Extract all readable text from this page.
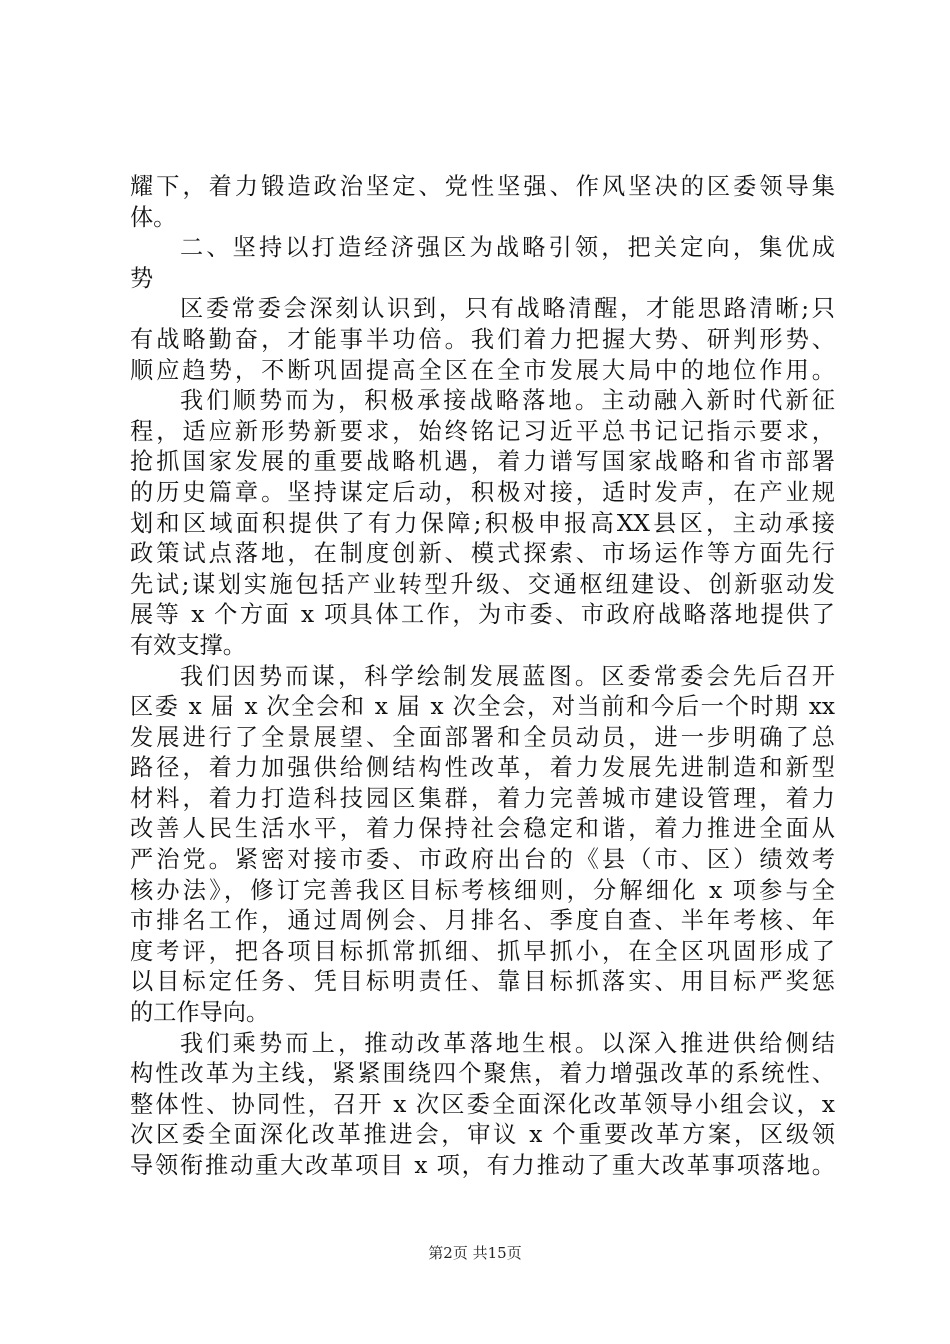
耀下，着力锻造政治坚定、党性坚强、作风坚决的区委领导集
体。
二、坚持以打造经济强区为战略引领，把关定向，集优成
势
区委常委会深刻认识到，只有战略清醒，才能思路清晰;只
有战略勤奋，才能事半功倍。我们着力把握大势、研判形势、
顺应趋势，不断巩固提高全区在全市发展大局中的地位作用。
我们顺势而为，积极承接战略落地。主动融入新时代新征
程，适应新形势新要求，始终铭记习近平总书记记指示要求，
抢抓国家发展的重要战略机遇，着力谱写国家战略和省市部署
的历史篇章。坚持谋定后动，积极对接，适时发声，在产业规
划和区域面积提供了有力保障;积极申报高XX县区，主动承接
政策试点落地，在制度创新、模式探索、市场运作等方面先行
先试;谋划实施包括产业转型升级、交通枢纽建设、创新驱动发
展等 x 个方面 x 项具体工作，为市委、市政府战略落地提供了
有效支撑。
我们因势而谋，科学绘制发展蓝图。区委常委会先后召开
区委 x 届 x 次全会和 x 届 x 次全会，对当前和今后一个时期 xx
发展进行了全景展望、全面部署和全员动员，进一步明确了总
路径，着力加强供给侧结构性改革，着力发展先进制造和新型
材料，着力打造科技园区集群，着力完善城市建设管理，着力
改善人民生活水平，着力保持社会稳定和谐，着力推进全面从
严治党。紧密对接市委、市政府出台的《县（市、区）绩效考
核办法》，修订完善我区目标考核细则，分解细化 x 项参与全
市排名工作，通过周例会、月排名、季度自查、半年考核、年
度考评，把各项目标抓常抓细、抓早抓小，在全区巩固形成了
以目标定任务、凭目标明责任、靠目标抓落实、用目标严奖惩
的工作导向。
我们乘势而上，推动改革落地生根。以深入推进供给侧结
构性改革为主线，紧紧围绕四个聚焦，着力增强改革的系统性、
整体性、协同性，召开 x 次区委全面深化改革领导小组会议，x
次区委全面深化改革推进会，审议 x 个重要改革方案，区级领
导领衔推动重大改革项目 x 项，有力推动了重大改革事项落地。
第2页 共15页
